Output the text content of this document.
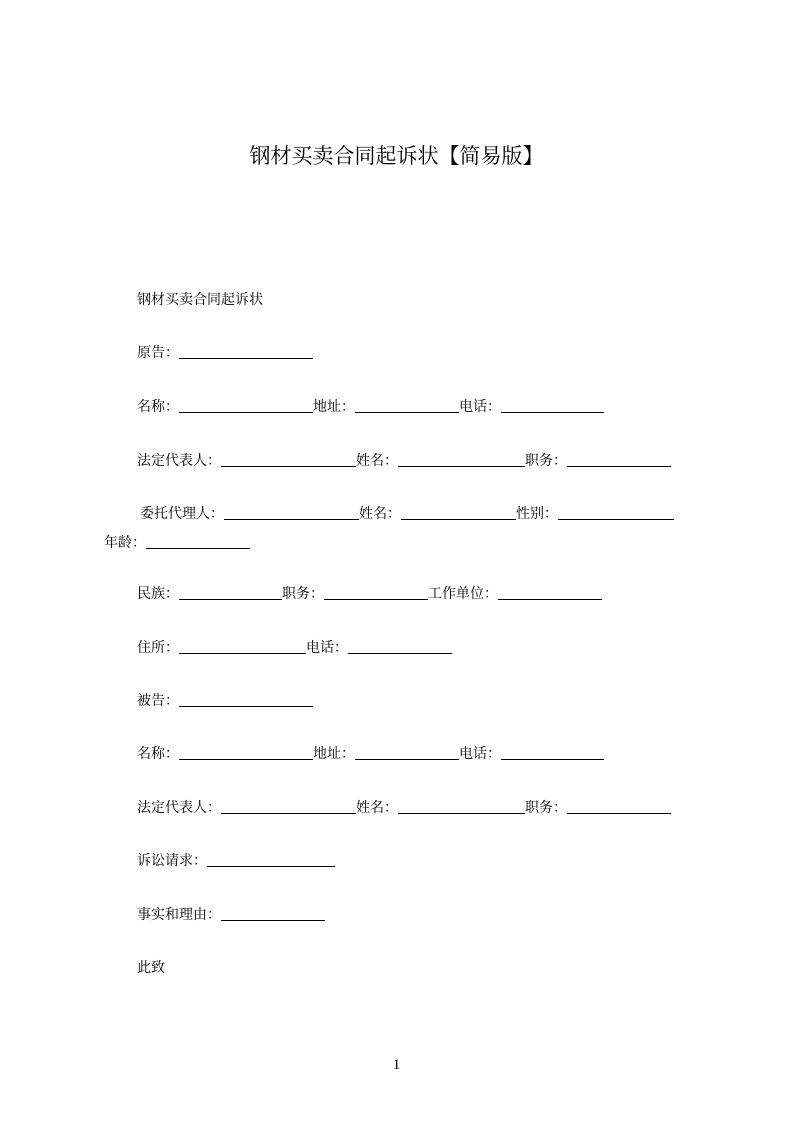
钢材买卖合同起诉状【简易版】
钢材买卖合同起诉状
原告：
名称：	地址：	电话：
法定代表人：	姓名：	职务：
委托代理人：	姓名：	性别：
年龄：
民族：	职务：	工作单位：
住所：	电话：
被告：
名称：	地址：	电话：
法定代表人：	姓名：	职务：
诉讼请求：
事实和理由：
此致
1
